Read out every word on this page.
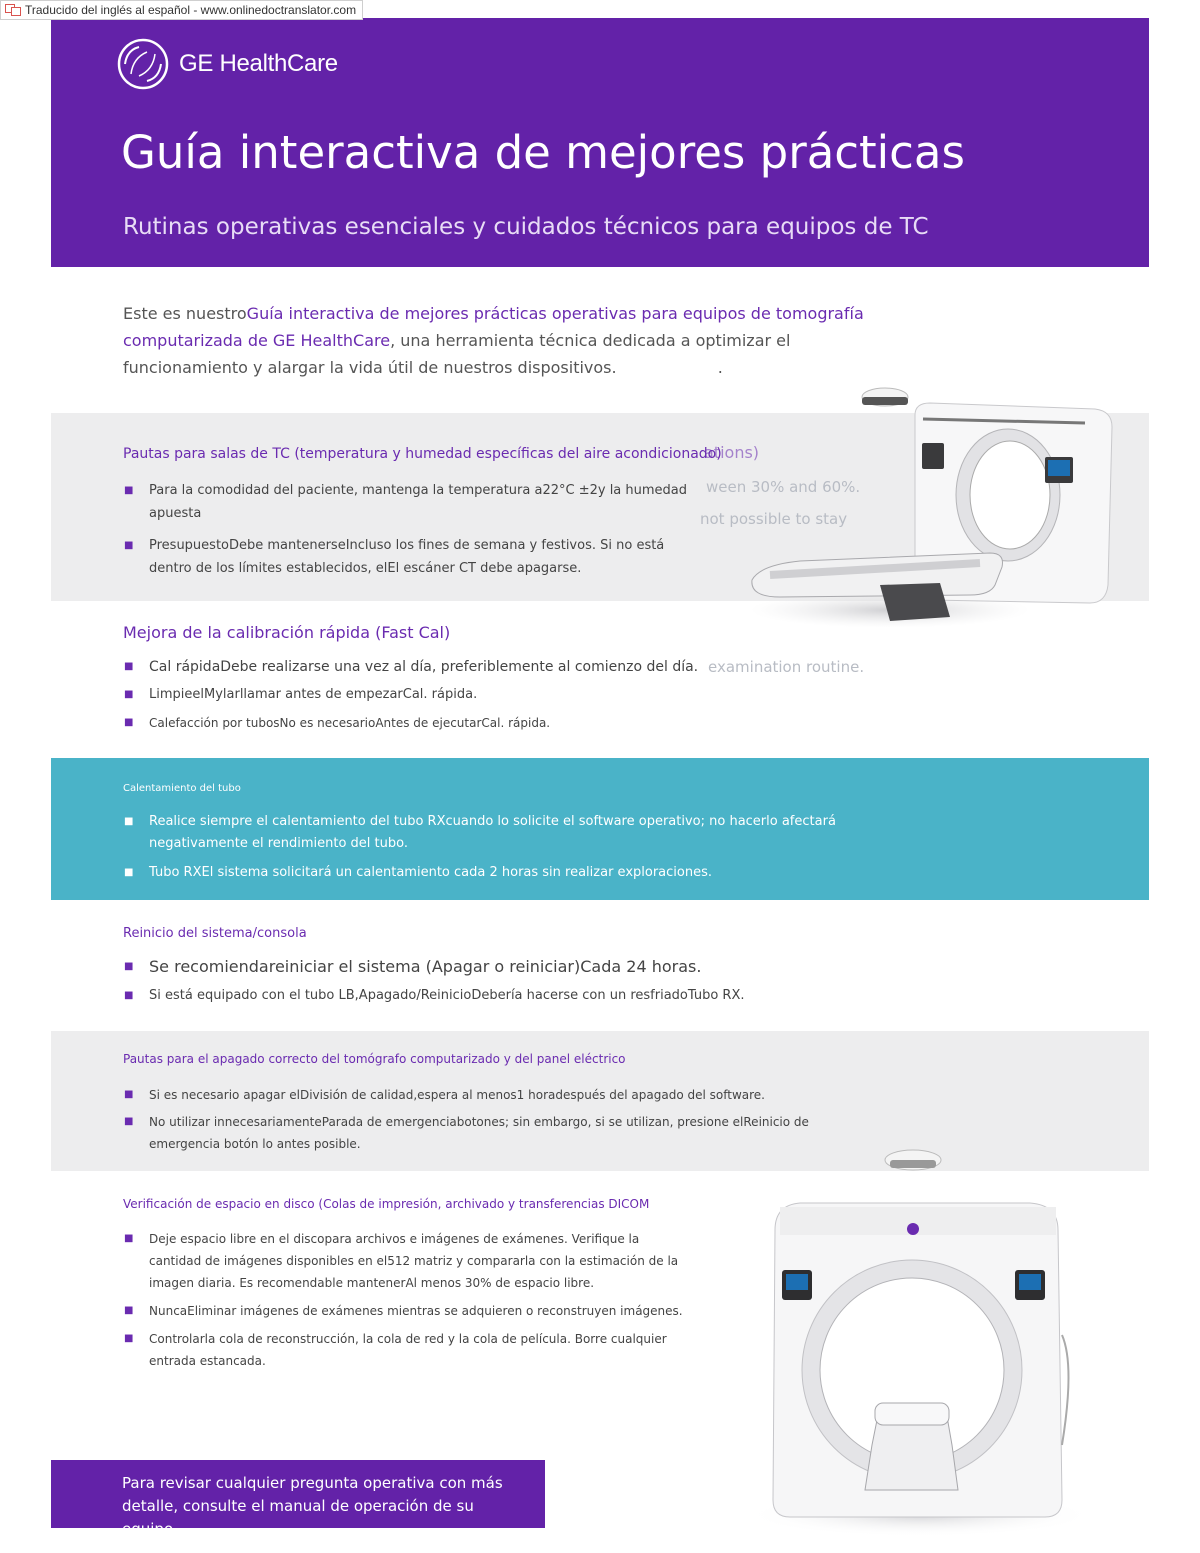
Traducido del inglés al español - www.onlinedoctranslator.com
GE HealthCare
Guía interactiva de mejores prácticas

Rutinas operativas esenciales y cuidados técnicos para equipos de TC

Este es nuestroGuía interactiva de mejores prácticas operativas para equipos de tomografía computarizada de GE HealthCare, una herramienta técnica dedicada a optimizar el funcionamiento y alargar la vida útil de nuestros dispositivos.	.

Pautas para salas de TC (temperatura y humedad específicas del aire acondicionado)
ations)
■ Para la comodidad del paciente, mantenga la temperatura a22°C ±2y la humedad apuesta
■ PresupuestoDebe mantenerseIncluso los fines de semana y festivos. Si no está
dentro de los límites establecidos, elEl escáner CT debe apagarse.
ween 30% and 60%.
not possible to stay
Mejora de la calibración rápida (Fast Cal)
■ Cal rápidaDebe realizarse una vez al día, preferiblemente al comienzo del día.
■ LimpieelMylarllamar antes de empezarCal. rápida.
■ Calefacción por tubosNo es necesarioAntes de ejecutarCal. rápida.
examination routine.
Calentamiento del tubo
■ Realice siempre el calentamiento del tubo RXcuando lo solicite el software operativo; no hacerlo afectará negativamente el rendimiento del tubo.
■ Tubo RXEl sistema solicitará un calentamiento cada 2 horas sin realizar exploraciones.
Reinicio del sistema/consola
■ Se recomiendareiniciar el sistema (Apagar o reiniciar)Cada 24 horas.
■ Si está equipado con el tubo LB,Apagado/ReinicioDebería hacerse con un resfriadoTubo RX.
Pautas para el apagado correcto del tomógrafo computarizado y del panel eléctrico
■ Si es necesario apagar elDivisión de calidad,espera al menos1 horadespués del apagado del software.
■ No utilizar innecesariamenteParada de emergenciabotones; sin embargo, si se utilizan, presione elReinicio de emergencia botón lo antes posible.
Verificación de espacio en disco (Colas de impresión, archivado y transferencias DICOM
■ Deje espacio libre en el discopara archivos e imágenes de exámenes. Verifique la cantidad de imágenes disponibles en el512 matriz y compararla con la estimación de la imagen diaria. Es recomendable mantenerAl menos 30% de espacio libre.
■ NuncaEliminar imágenes de exámenes mientras se adquieren o reconstruyen imágenes.
■ Controlarla cola de reconstrucción, la cola de red y la cola de película. Borre cualquier entrada estancada.
Para revisar cualquier pregunta operativa con más detalle, consulte el manual de operación de su equipo.
